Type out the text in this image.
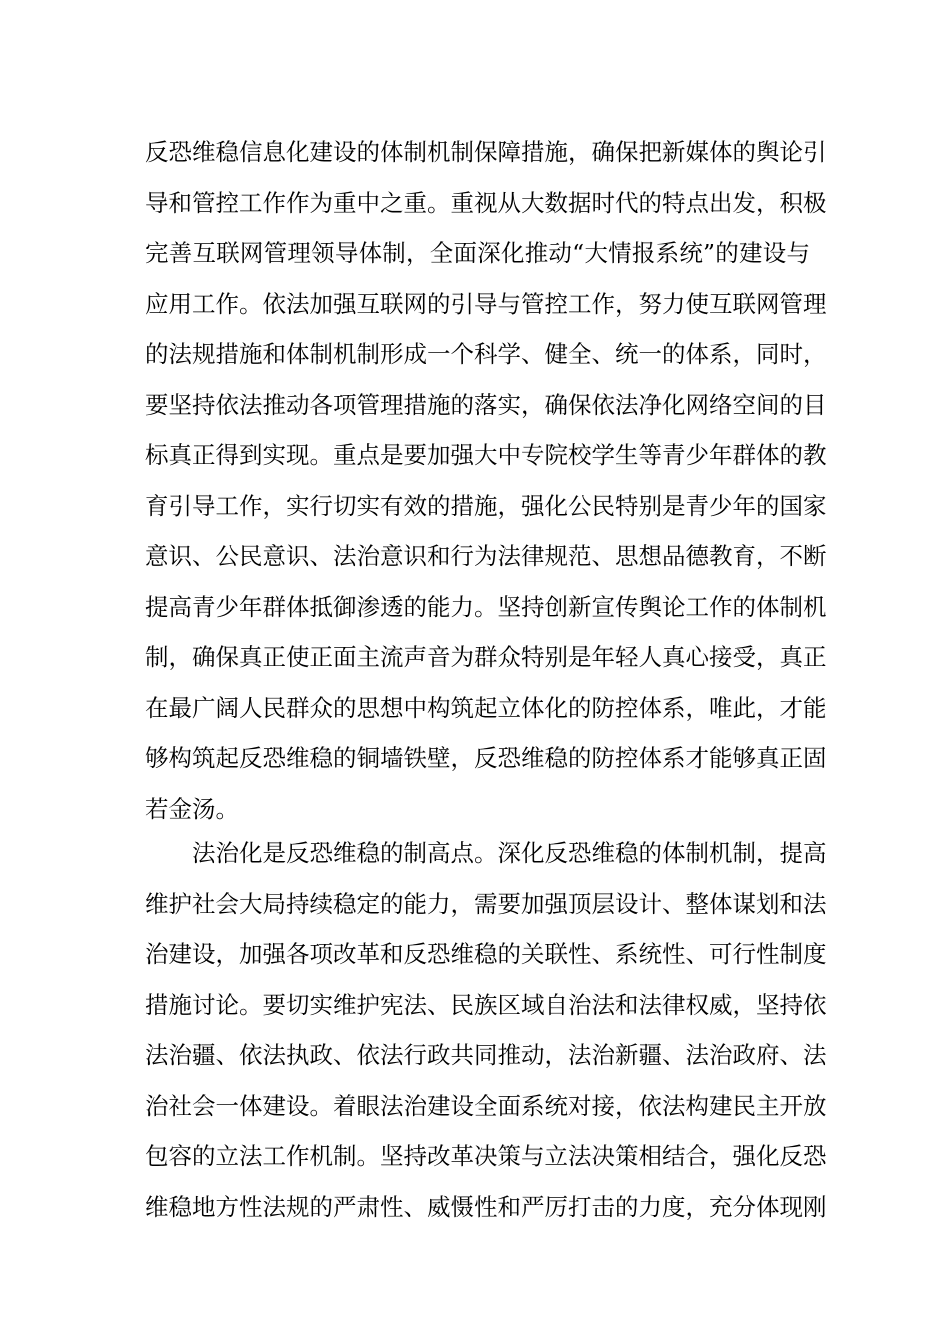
反恐维稳信息化建设的体制机制保障措施，确保把新媒体的舆论引
导和管控工作作为重中之重。重视从大数据时代的特点出发，积极
完善互联网管理领导体制，全面深化推动“大情报系统”的建设与
应用工作。依法加强互联网的引导与管控工作，努力使互联网管理
的法规措施和体制机制形成一个科学、健全、统一的体系，同时，
要坚持依法推动各项管理措施的落实，确保依法净化网络空间的目
标真正得到实现。重点是要加强大中专院校学生等青少年群体的教
育引导工作，实行切实有效的措施，强化公民特别是青少年的国家
意识、公民意识、法治意识和行为法律规范、思想品德教育，不断
提高青少年群体抵御渗透的能力。坚持创新宣传舆论工作的体制机
制，确保真正使正面主流声音为群众特别是年轻人真心接受，真正
在最广阔人民群众的思想中构筑起立体化的防控体系，唯此，才能
够构筑起反恐维稳的铜墙铁壁，反恐维稳的防控体系才能够真正固
若金汤。
法治化是反恐维稳的制高点。深化反恐维稳的体制机制，提高
维护社会大局持续稳定的能力，需要加强顶层设计、整体谋划和法
治建设，加强各项改革和反恐维稳的关联性、系统性、可行性制度
措施讨论。要切实维护宪法、民族区域自治法和法律权威，坚持依
法治疆、依法执政、依法行政共同推动，法治新疆、法治政府、法
治社会一体建设。着眼法治建设全面系统对接，依法构建民主开放
包容的立法工作机制。坚持改革决策与立法决策相结合，强化反恐
维稳地方性法规的严肃性、威慑性和严厉打击的力度，充分体现刚
